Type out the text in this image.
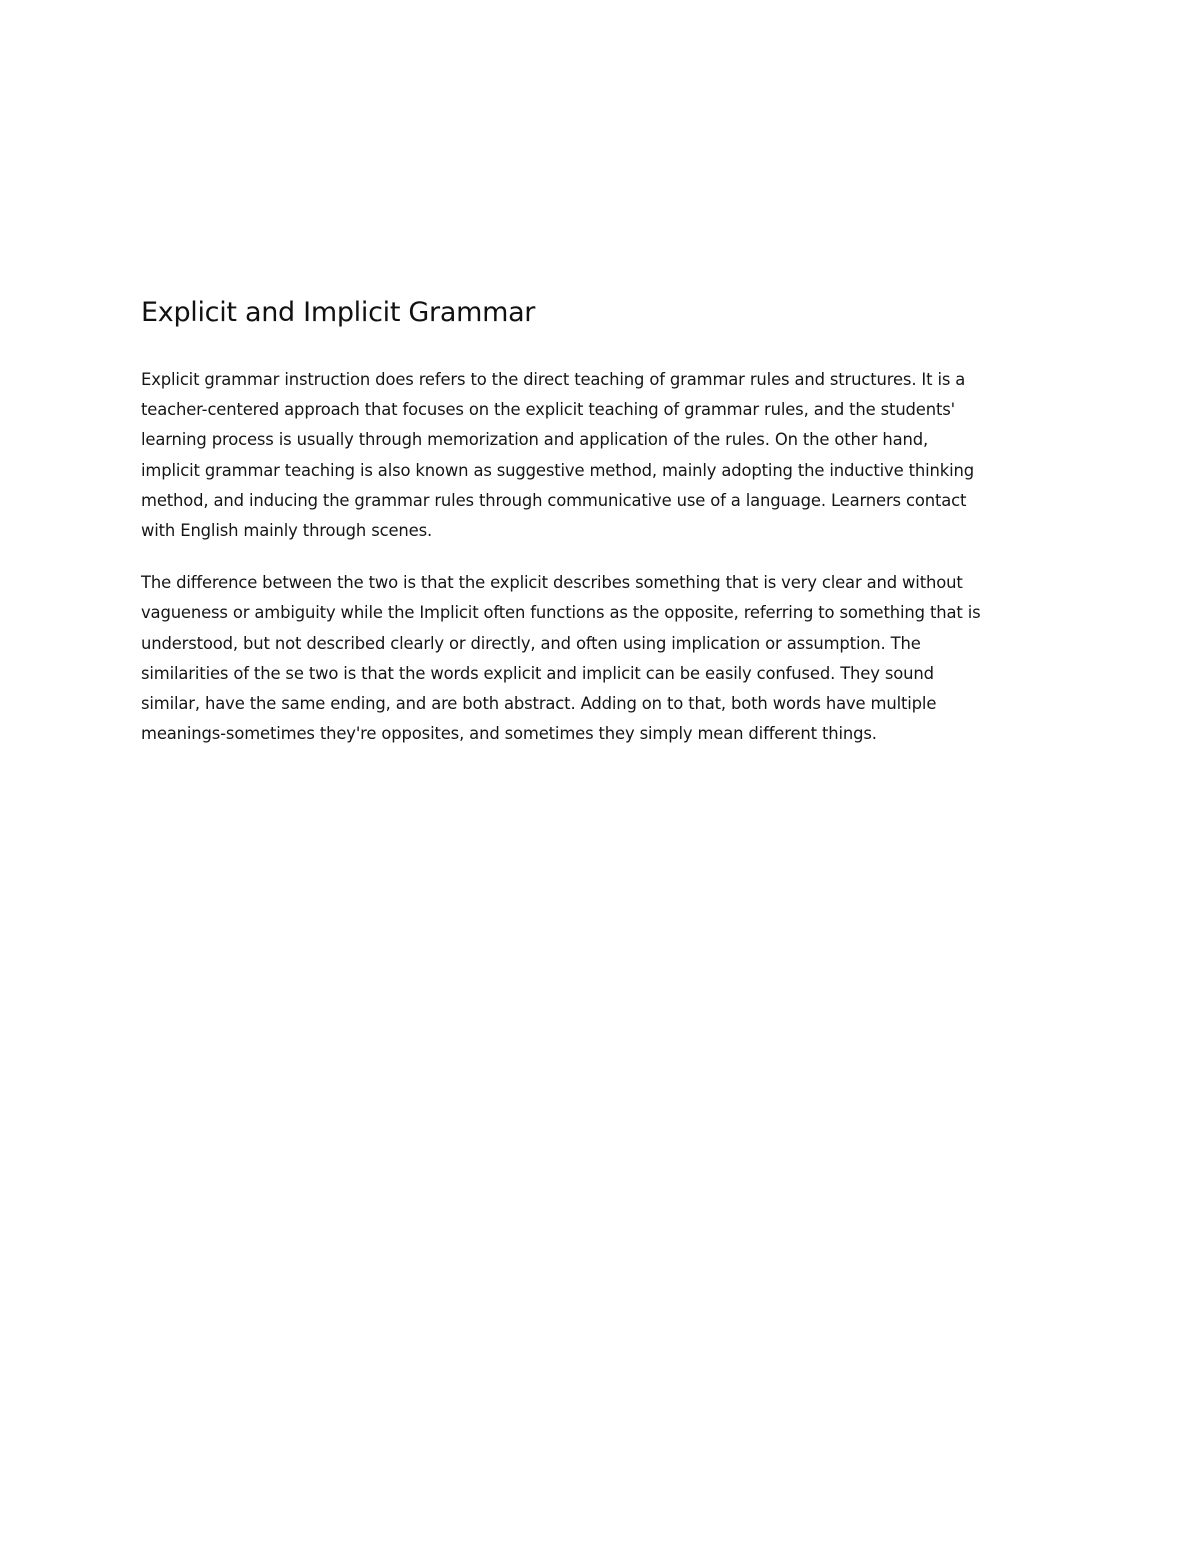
Explicit and Implicit Grammar

Explicit grammar instruction does refers to the direct teaching of grammar rules and structures. It is a
teacher-centered approach that focuses on the explicit teaching of grammar rules, and the students'
learning process is usually through memorization and application of the rules. On the other hand,
implicit grammar teaching is also known as suggestive method, mainly adopting the inductive thinking
method, and inducing the grammar rules through communicative use of a language. Learners contact
with English mainly through scenes.

The difference between the two is that the explicit describes something that is very clear and without
vagueness or ambiguity while the Implicit often functions as the opposite, referring to something that is
understood, but not described clearly or directly, and often using implication or assumption. The
similarities of the se two is that the words explicit and implicit can be easily confused. They sound
similar, have the same ending, and are both abstract. Adding on to that, both words have multiple
meanings-sometimes they're opposites, and sometimes they simply mean different things.
